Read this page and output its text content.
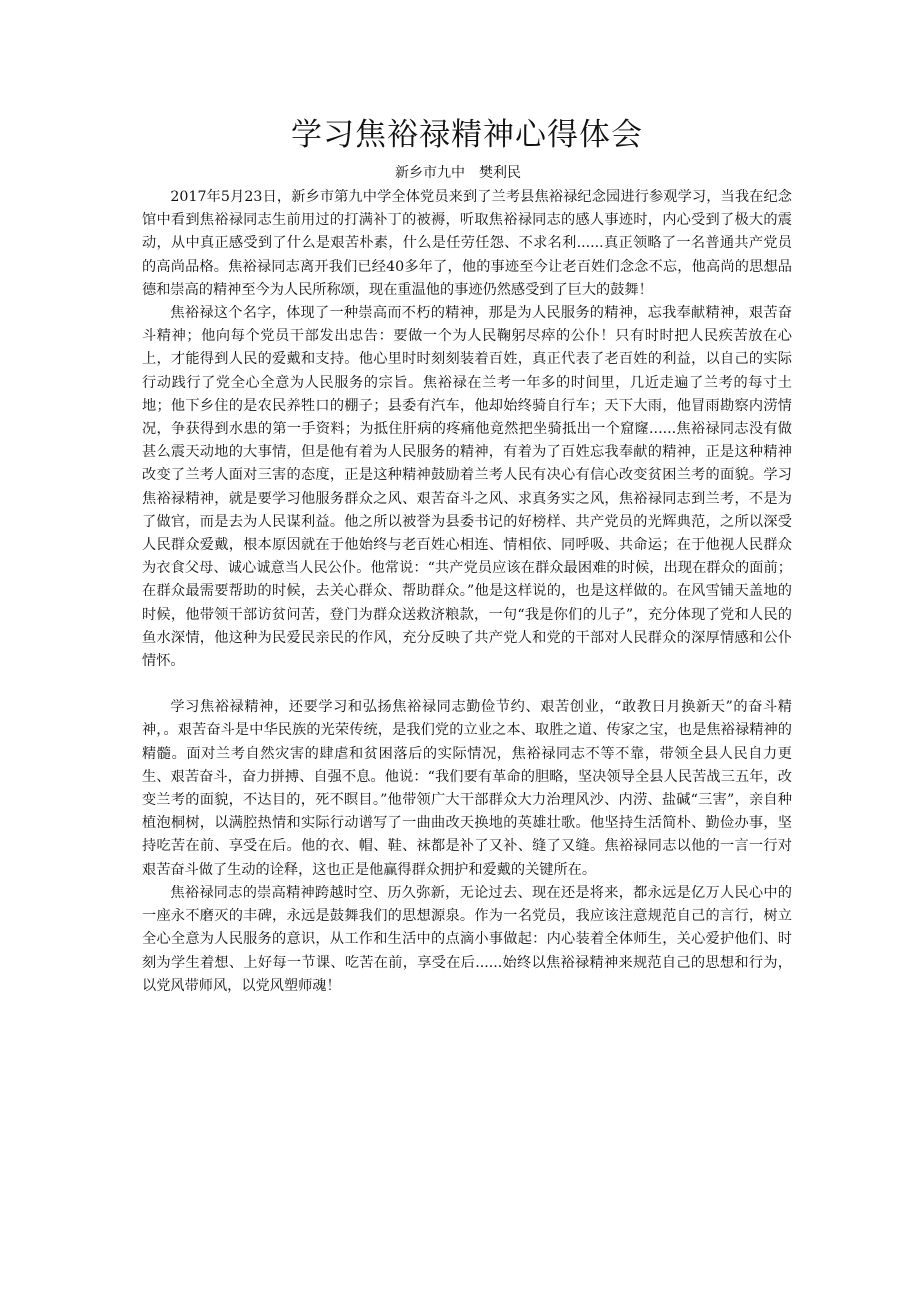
学习焦裕禄精神心得体会
新乡市九中　樊利民

2017年5月23日，新乡市第九中学全体党员来到了兰考县焦裕禄纪念园进行参观学习，当我在纪念馆中看到焦裕禄同志生前用过的打满补丁的被褥，听取焦裕禄同志的感人事迹时，内心受到了极大的震动，从中真正感受到了什么是艰苦朴素，什么是任劳任怨、不求名利......真正领略了一名普通共产党员的高尚品格。焦裕禄同志离开我们已经40多年了，他的事迹至今让老百姓们念念不忘，他高尚的思想品德和崇高的精神至今为人民所称颂，现在重温他的事迹仍然感受到了巨大的鼓舞！

焦裕禄这个名字，体现了一种崇高而不朽的精神，那是为人民服务的精神，忘我奉献精神，艰苦奋斗精神；他向每个党员干部发出忠告：要做一个为人民鞠躬尽瘁的公仆！只有时时把人民疾苦放在心上，才能得到人民的爱戴和支持。他心里时时刻刻装着百姓，真正代表了老百姓的利益，以自己的实际行动践行了党全心全意为人民服务的宗旨。焦裕禄在兰考一年多的时间里，几近走遍了兰考的每寸土地；他下乡住的是农民养牲口的棚子；县委有汽车，他却始终骑自行车；天下大雨，他冒雨勘察内涝情况，争获得到水患的第一手资料；为抵住肝病的疼痛他竟然把坐骑抵出一个窟窿......焦裕禄同志没有做甚么震天动地的大事情，但是他有着为人民服务的精神，有着为了百姓忘我奉献的精神，正是这种精神改变了兰考人面对三害的态度，正是这种精神鼓励着兰考人民有决心有信心改变贫困兰考的面貌。学习焦裕禄精神，就是要学习他服务群众之风、艰苦奋斗之风、求真务实之风，焦裕禄同志到兰考，不是为了做官，而是去为人民谋利益。他之所以被誉为县委书记的好榜样、共产党员的光辉典范，之所以深受人民群众爱戴，根本原因就在于他始终与老百姓心相连、情相依、同呼吸、共命运；在于他视人民群众为衣食父母、诚心诚意当人民公仆。他常说：“共产党员应该在群众最困难的时候，出现在群众的面前；在群众最需要帮助的时候，去关心群众、帮助群众。”他是这样说的，也是这样做的。在风雪铺天盖地的时候，他带领干部访贫问苦，登门为群众送救济粮款，一句“我是你们的儿子”，充分体现了党和人民的鱼水深情，他这种为民爱民亲民的作风，充分反映了共产党人和党的干部对人民群众的深厚情感和公仆情怀。

学习焦裕禄精神，还要学习和弘扬焦裕禄同志勤俭节约、艰苦创业，“敢教日月换新天”的奋斗精神，。艰苦奋斗是中华民族的光荣传统，是我们党的立业之本、取胜之道、传家之宝，也是焦裕禄精神的精髓。面对兰考自然灾害的肆虐和贫困落后的实际情况，焦裕禄同志不等不靠，带领全县人民自力更生、艰苦奋斗，奋力拼搏、自强不息。他说：“我们要有革命的胆略，坚决领导全县人民苦战三五年，改变兰考的面貌，不达目的，死不瞑目。”他带领广大干部群众大力治理风沙、内涝、盐碱“三害”，亲自种植泡桐树，以满腔热情和实际行动谱写了一曲曲改天换地的英雄壮歌。他坚持生活简朴、勤俭办事，坚持吃苦在前、享受在后。他的衣、帽、鞋、袜都是补了又补、缝了又缝。焦裕禄同志以他的一言一行对艰苦奋斗做了生动的诠释，这也正是他赢得群众拥护和爱戴的关键所在。

焦裕禄同志的崇高精神跨越时空、历久弥新，无论过去、现在还是将来，都永远是亿万人民心中的一座永不磨灭的丰碑，永远是鼓舞我们的思想源泉。作为一名党员，我应该注意规范自己的言行，树立全心全意为人民服务的意识，从工作和生活中的点滴小事做起：内心装着全体师生，关心爱护他们、时刻为学生着想、上好每一节课、吃苦在前，享受在后......始终以焦裕禄精神来规范自己的思想和行为，以党风带师风，以党风塑师魂！
